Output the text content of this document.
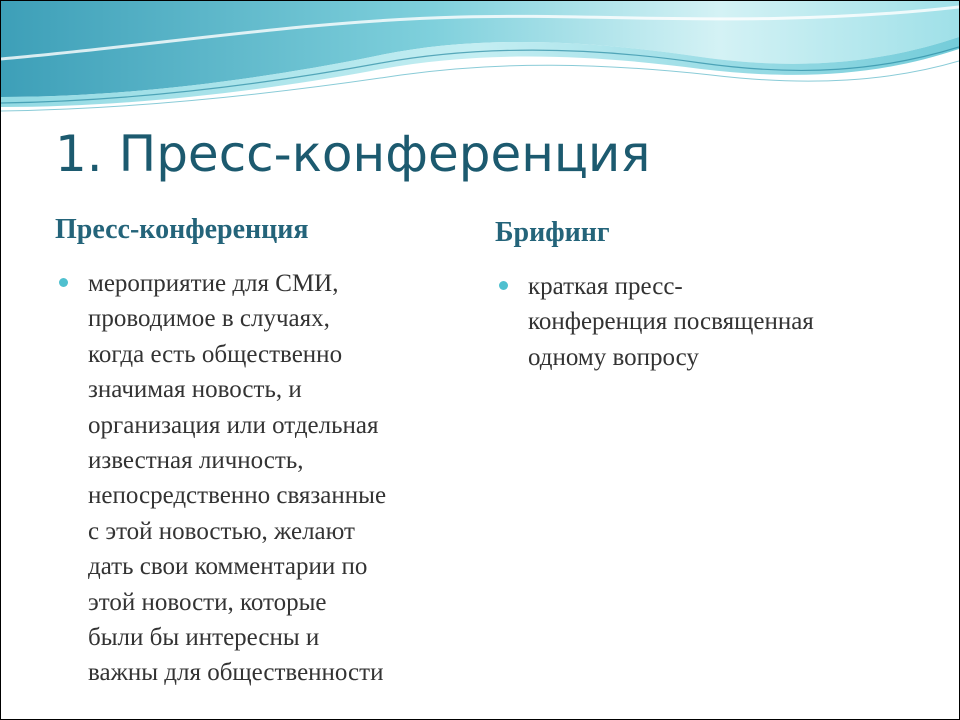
1. Пресс-конференция
Пресс-конференция
мероприятие для СМИ,
проводимое в случаях,
когда есть общественно
значимая новость, и
организация или отдельная
известная личность,
непосредственно связанные
с этой новостью, желают
дать свои комментарии по
этой новости, которые
были бы интересны и
важны для общественности
Брифинг
краткая пресс-
конференция посвященная
одному вопросу
